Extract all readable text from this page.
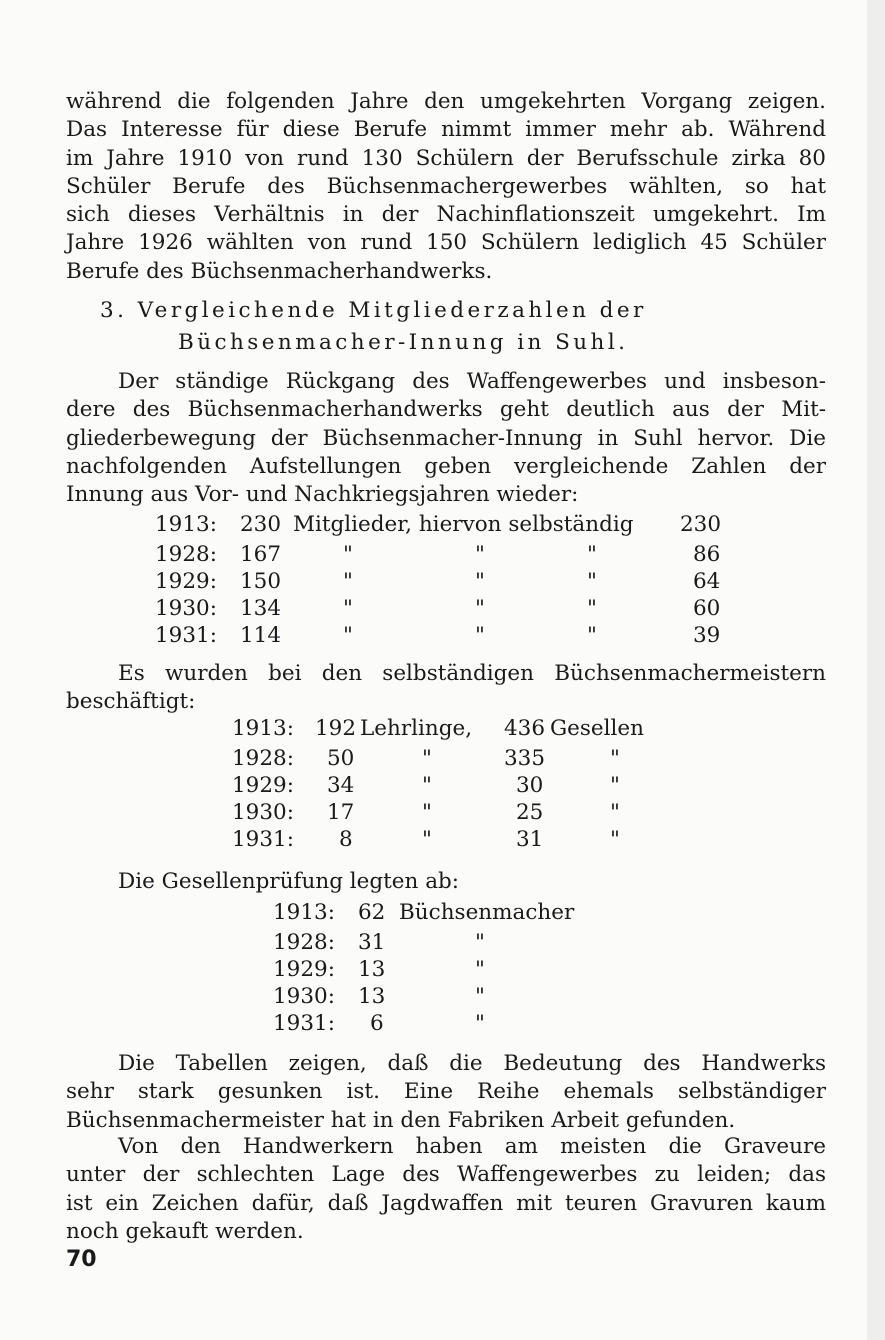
während die folgenden Jahre den umgekehrten Vorgang zeigen.
Das Interesse für diese Berufe nimmt immer mehr ab. Während
im Jahre 1910 von rund 130 Schülern der Berufsschule zirka 80
Schüler Berufe des Büchsenmachergewerbes wählten, so hat
sich dieses Verhältnis in der Nachinflationszeit umgekehrt. Im
Jahre 1926 wählten von rund 150 Schülern lediglich 45 Schüler
Berufe des Büchsenmacherhandwerks.
3. Vergleichende Mitgliederzahlen der
Büchsenmacher-Innung in Suhl.
Der ständige Rückgang des Waffengewerbes und insbeson-
dere des Büchsenmacherhandwerks geht deutlich aus der Mit-
gliederbewegung der Büchsenmacher-Innung in Suhl hervor. Die
nachfolgenden Aufstellungen geben vergleichende Zahlen der
Innung aus Vor- und Nachkriegsjahren wieder:
1913: 230 Mitglieder, hiervon selbständig 230
1928: 167	"	"	"	86
1929: 150	"	"	"	64
1930: 134	"	"	"	60
1931: 114	"	"	"	39
Es wurden bei den selbständigen Büchsenmachermeistern
beschäftigt:
1913: 192 Lehrlinge, 436 Gesellen
1928: 50	"	335	"
1929: 34	"	30	"
1930: 17	"	25	"
1931: 8	"	31	"
Die Gesellenprüfung legten ab:
1913: 62 Büchsenmacher
1928: 31	"
1929: 13	"
1930: 13	"
1931: 6	"
Die Tabellen zeigen, daß die Bedeutung des Handwerks
sehr stark gesunken ist. Eine Reihe ehemals selbständiger
Büchsenmachermeister hat in den Fabriken Arbeit gefunden.
Von den Handwerkern haben am meisten die Graveure
unter der schlechten Lage des Waffengewerbes zu leiden; das
ist ein Zeichen dafür, daß Jagdwaffen mit teuren Gravuren kaum
noch gekauft werden.
70
